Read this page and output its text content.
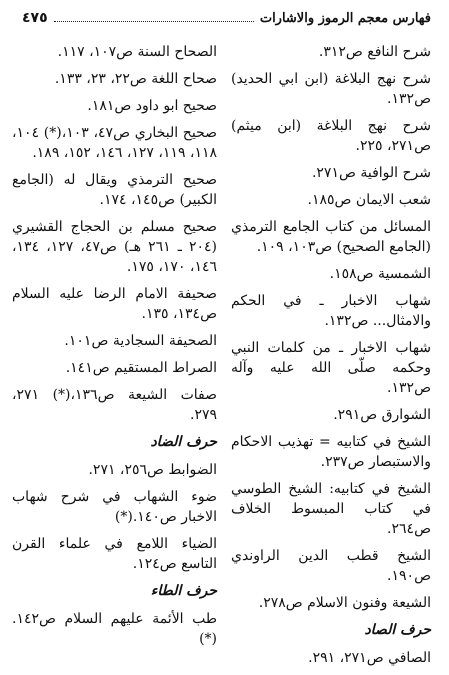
فهارس معجم الرموز والاشارات
٤٧٥
شرح النافع ص٣١٢.
شرح نهج البلاغة (ابن ابي الحديد) ص١٣٢.
شرح نهج البلاغة (ابن ميثم) ص٢٧١، ٢٢٥.
شرح الوافية ص٢٧١.
شعب الايمان ص١٨٥.
المسائل من كتاب الجامع الترمذي (الجامع الصحيح) ص١٠٣، ١٠٩.
الشمسية ص١٥٨.
شهاب الاخبار ـ في الحكم والامثال... ص١٣٢.
شهاب الاخبار ـ من كلمات النبي وحكمه صلّى الله عليه وآله ص١٣٢.
الشوارق ص٢٩١.
الشيخ في كتابيه = تهذيب الاحكام والاستبصار ص٢٣٧.
الشيخ في كتابيه: الشيخ الطوسي في كتاب المبسوط الخلاف ص٢٦٤.
الشيخ قطب الدين الراوندي ص١٩٠.
الشيعة وفنون الاسلام ص٢٧٨.
حرف الصاد
الصافي ص٢٧١، ٢٩١.
الصحاح السنة ص١٠٧، ١١٧.
صحاح اللغة ص٢٢، ٢٣، ١٣٣.
صحيح ابو داود ص١٨١.
صحيح البخاري ص٤٧، ١٠٣،(*) ١٠٤، ١١٨، ١١٩، ١٢٧، ١٤٦، ١٥٢، ١٨٩.
صحيح الترمذي ويقال له (الجامع الكبير) ص١٤٥، ١٧٤.
صحيح مسلم بن الحجاج القشيري (٢٠٤ ـ ٢٦١ هـ) ص٤٧، ١٢٧، ١٣٤، ١٤٦، ١٧٠، ١٧٥.
صحيفة الامام الرضا عليه السلام ص١٣٤، ١٣٥.
الصحيفة السجادية ص١٠١.
الصراط المستقيم ص١٤١.
صفات الشيعة ص١٣٦،(*) ٢٧١، ٢٧٩.
حرف الضاد
الضوابط ص٢٥٦، ٢٧١.
ضوء الشهاب في شرح شهاب الاخبار ص١٤٠.(*)
الضياء اللامع في علماء القرن التاسع ص١٢٤.
حرف الطاء
طب الأئمة عليهم السلام ص١٤٢.(*)
